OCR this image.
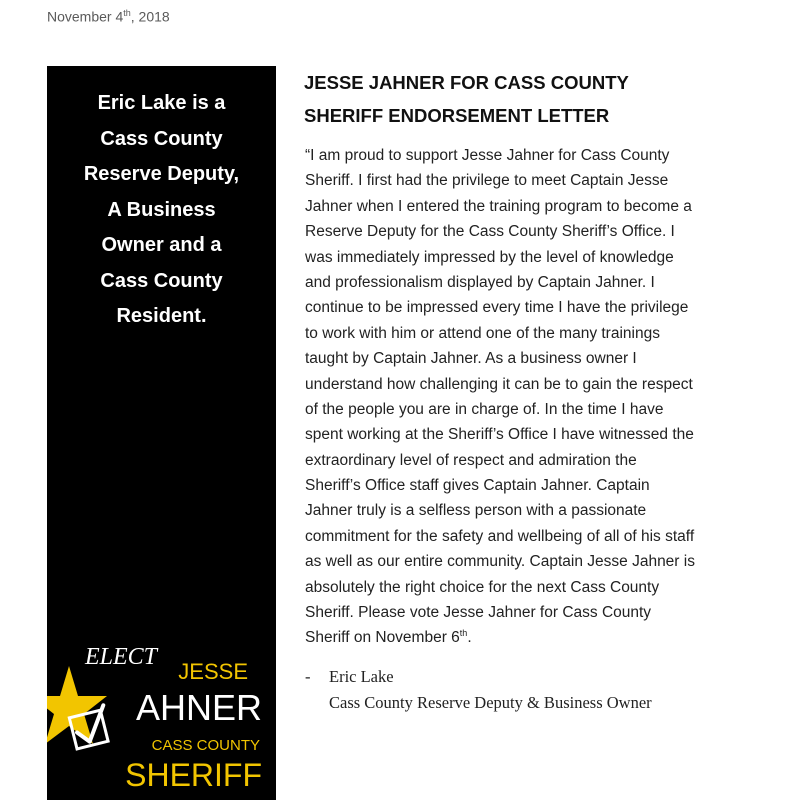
November 4th, 2018
Eric Lake is a
Cass County
Reserve Deputy,
A Business
Owner and a
Cass County
Resident.
ELECT
JESSE
AHNER
CASS COUNTY
SHERIFF
JESSE JAHNER FOR CASS COUNTY
SHERIFF ENDORSEMENT LETTER
“I am proud to support Jesse Jahner for Cass County
Sheriff. I first had the privilege to meet Captain Jesse
Jahner when I entered the training program to become a
Reserve Deputy for the Cass County Sheriff’s Office. I
was immediately impressed by the level of knowledge
and professionalism displayed by Captain Jahner. I
continue to be impressed every time I have the privilege
to work with him or attend one of the many trainings
taught by Captain Jahner. As a business owner I
understand how challenging it can be to gain the respect
of the people you are in charge of. In the time I have
spent working at the Sheriff’s Office I have witnessed the
extraordinary level of respect and admiration the
Sheriff’s Office staff gives Captain Jahner. Captain
Jahner truly is a selfless person with a passionate
commitment for the safety and wellbeing of all of his staff
as well as our entire community. Captain Jesse Jahner is
absolutely the right choice for the next Cass County
Sheriff. Please vote Jesse Jahner for Cass County
Sheriff on November 6th.
- Eric Lake
Cass County Reserve Deputy & Business Owner
